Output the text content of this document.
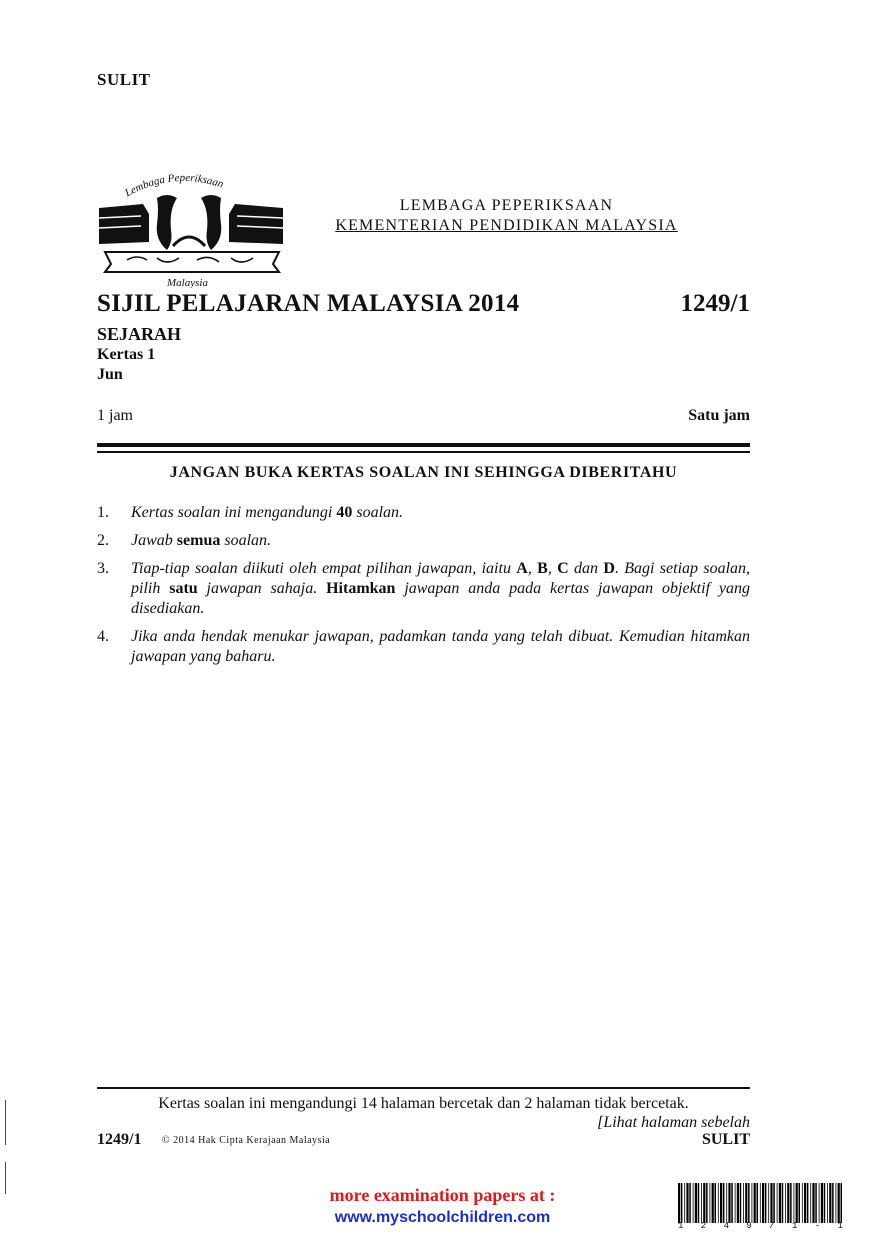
SULIT
Lembaga Peperiksaan
Malaysia
LEMBAGA PEPERIKSAAN
KEMENTERIAN PENDIDIKAN MALAYSIA
SIJIL PELAJARAN MALAYSIA 2014	1249/1
SEJARAH
Kertas 1
Jun
1 jam	Satu jam
JANGAN BUKA KERTAS SOALAN INI SEHINGGA DIBERITAHU
1. Kertas soalan ini mengandungi 40 soalan.
2. Jawab semua soalan.
3. Tiap-tiap soalan diikuti oleh empat pilihan jawapan, iaitu A, B, C dan D. Bagi setiap soalan, pilih satu jawapan sahaja. Hitamkan jawapan anda pada kertas jawapan objektif yang disediakan.
4. Jika anda hendak menukar jawapan, padamkan tanda yang telah dibuat. Kemudian hitamkan jawapan yang baharu.
Kertas soalan ini mengandungi 14 halaman bercetak dan 2 halaman tidak bercetak.
[Lihat halaman sebelah
1249/1 © 2014 Hak Cipta Kerajaan Malaysia	SULIT
more examination papers at :
www.myschoolchildren.com	1 2 4 9 / 1 - 1
